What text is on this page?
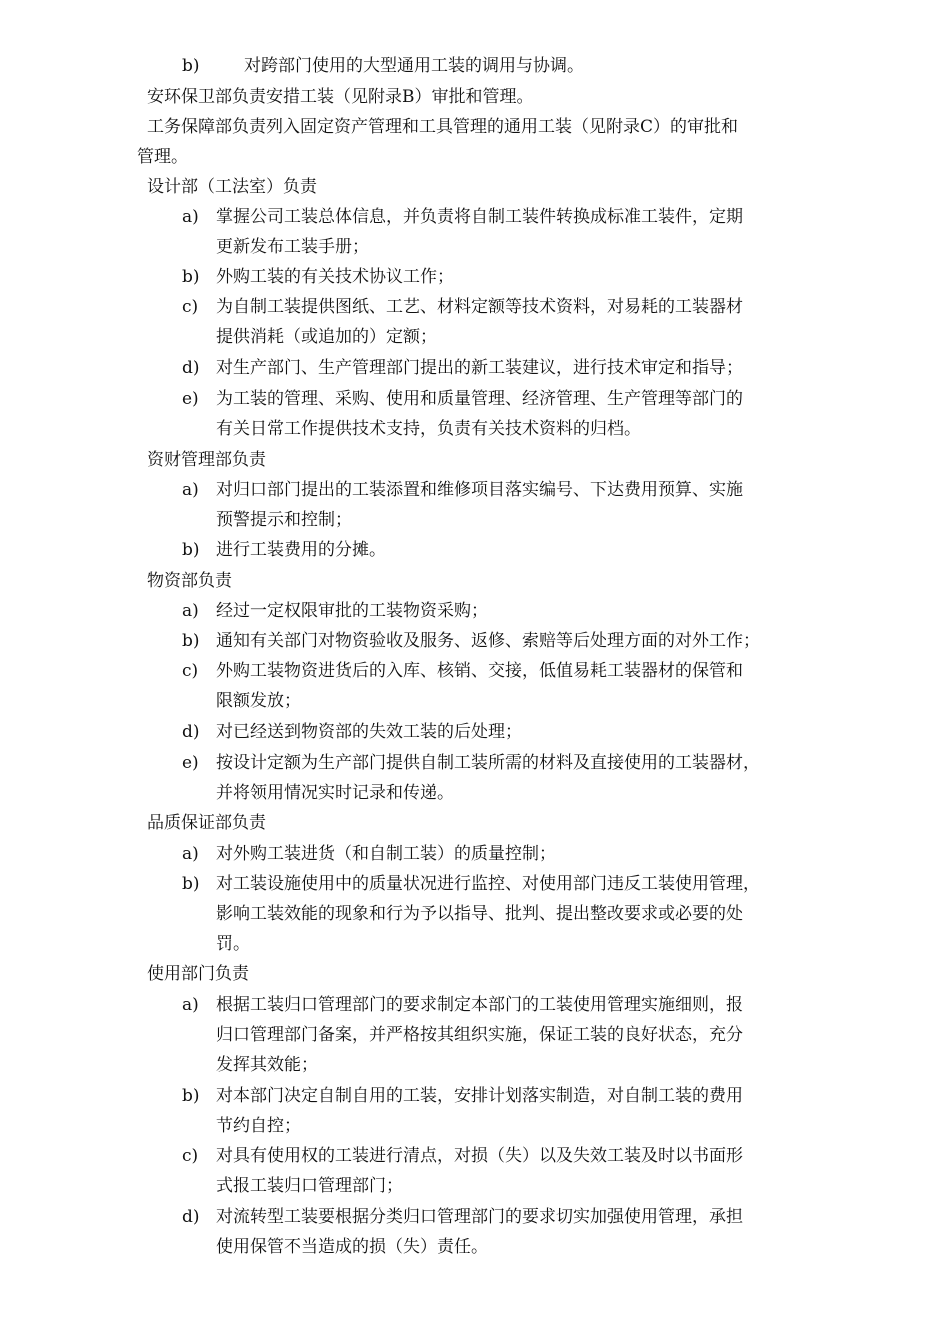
b)	对跨部门使用的大型通用工装的调用与协调。
安环保卫部负责安措工装（见附录B）审批和管理。
工务保障部负责列入固定资产管理和工具管理的通用工装（见附录C）的审批和
管理。
设计部（工法室）负责
a) 掌握公司工装总体信息，并负责将自制工装件转换成标准工装件，定期
更新发布工装手册；
b) 外购工装的有关技术协议工作；
c) 为自制工装提供图纸、工艺、材料定额等技术资料，对易耗的工装器材
提供消耗（或追加的）定额；
d) 对生产部门、生产管理部门提出的新工装建议，进行技术审定和指导；
e) 为工装的管理、采购、使用和质量管理、经济管理、生产管理等部门的
有关日常工作提供技术支持，负责有关技术资料的归档。
资财管理部负责
a) 对归口部门提出的工装添置和维修项目落实编号、下达费用预算、实施
预警提示和控制；
b) 进行工装费用的分摊。
物资部负责
a) 经过一定权限审批的工装物资采购；
b) 通知有关部门对物资验收及服务、返修、索赔等后处理方面的对外工作；
c) 外购工装物资进货后的入库、核销、交接，低值易耗工装器材的保管和
限额发放；
d) 对已经送到物资部的失效工装的后处理；
e) 按设计定额为生产部门提供自制工装所需的材料及直接使用的工装器材，
并将领用情况实时记录和传递。
品质保证部负责
a) 对外购工装进货（和自制工装）的质量控制；
b) 对工装设施使用中的质量状况进行监控、对使用部门违反工装使用管理，
影响工装效能的现象和行为予以指导、批判、提出整改要求或必要的处
罚。
使用部门负责
a) 根据工装归口管理部门的要求制定本部门的工装使用管理实施细则，报
归口管理部门备案，并严格按其组织实施，保证工装的良好状态，充分
发挥其效能；
b) 对本部门决定自制自用的工装，安排计划落实制造，对自制工装的费用
节约自控；
c) 对具有使用权的工装进行清点，对损（失）以及失效工装及时以书面形
式报工装归口管理部门；
d) 对流转型工装要根据分类归口管理部门的要求切实加强使用管理，承担
使用保管不当造成的损（失）责任。
